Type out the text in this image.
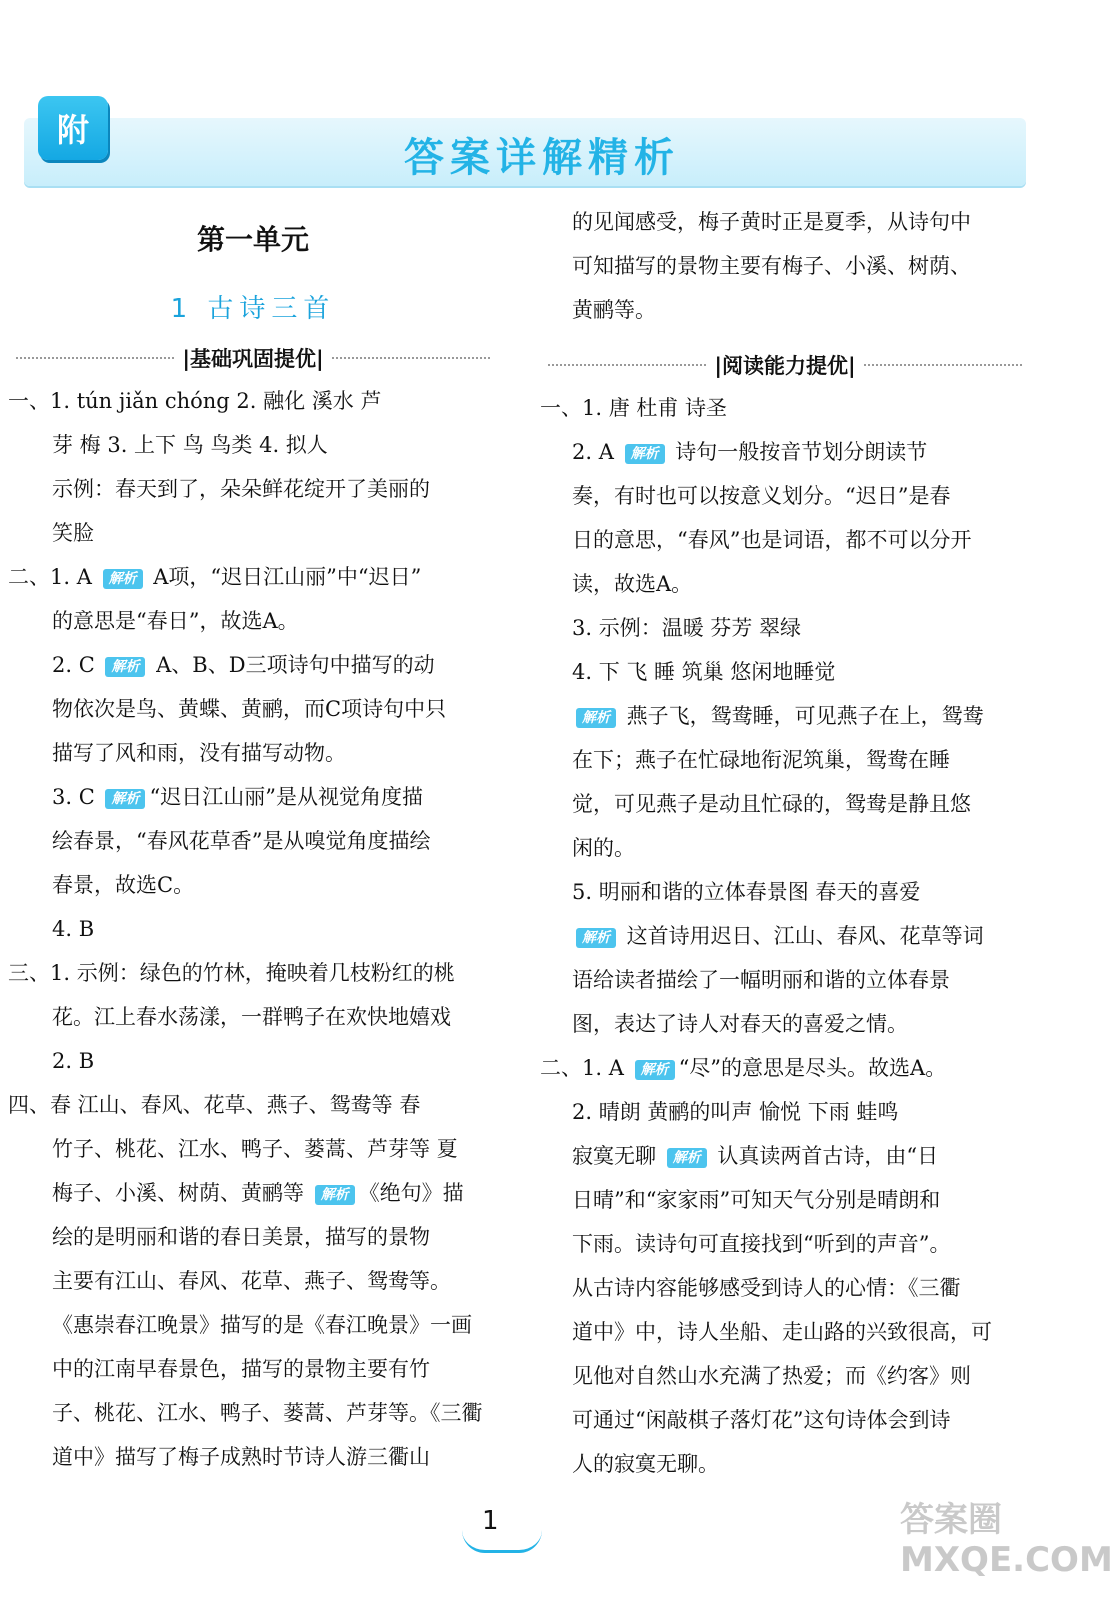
附
答案详解精析
第一单元
1 古诗三首
|基础巩固提优|
一、1. tún jiǎn chóng 2. 融化 溪水 芦
芽 梅 3. 上下 鸟 鸟类 4. 拟人
示例：春天到了，朵朵鲜花绽开了美丽的
笑脸
二、1. A 解析 A项，“迟日江山丽”中“迟日”
的意思是“春日”，故选A。
2. C 解析 A、B、D三项诗句中描写的动
物依次是鸟、黄蝶、黄鹂，而C项诗句中只
描写了风和雨，没有描写动物。
3. C 解析 “迟日江山丽”是从视觉角度描
绘春景，“春风花草香”是从嗅觉角度描绘
春景，故选C。
4. B
三、1. 示例：绿色的竹林，掩映着几枝粉红的桃
花。江上春水荡漾，一群鸭子在欢快地嬉戏
2. B
四、春 江山、春风、花草、燕子、鸳鸯等 春
竹子、桃花、江水、鸭子、蒌蒿、芦芽等 夏
梅子、小溪、树荫、黄鹂等 解析 《绝句》描
绘的是明丽和谐的春日美景，描写的景物
主要有江山、春风、花草、燕子、鸳鸯等。
《惠崇春江晚景》描写的是《春江晚景》一画
中的江南早春景色，描写的景物主要有竹
子、桃花、江水、鸭子、蒌蒿、芦芽等。《三衢
道中》描写了梅子成熟时节诗人游三衢山
的见闻感受，梅子黄时正是夏季，从诗句中
可知描写的景物主要有梅子、小溪、树荫、
黄鹂等。
|阅读能力提优|
一、1. 唐 杜甫 诗圣
2. A 解析 诗句一般按音节划分朗读节
奏，有时也可以按意义划分。“迟日”是春
日的意思，“春风”也是词语，都不可以分开
读，故选A。
3. 示例：温暖 芬芳 翠绿
4. 下 飞 睡 筑巢 悠闲地睡觉
解析 燕子飞，鸳鸯睡，可见燕子在上，鸳鸯
在下；燕子在忙碌地衔泥筑巢，鸳鸯在睡
觉，可见燕子是动且忙碌的，鸳鸯是静且悠
闲的。
5. 明丽和谐的立体春景图 春天的喜爱
解析 这首诗用迟日、江山、春风、花草等词
语给读者描绘了一幅明丽和谐的立体春景
图，表达了诗人对春天的喜爱之情。
二、1. A 解析 “尽”的意思是尽头。故选A。
2. 晴朗 黄鹂的叫声 愉悦 下雨 蛙鸣
寂寞无聊 解析 认真读两首古诗，由“日
日晴”和“家家雨”可知天气分别是晴朗和
下雨。读诗句可直接找到“听到的声音”。
从古诗内容能够感受到诗人的心情：《三衢
道中》中，诗人坐船、走山路的兴致很高，可
见他对自然山水充满了热爱；而《约客》则
可通过“闲敲棋子落灯花”这句诗体会到诗
人的寂寞无聊。
1	答案圈 MXQE.COM
